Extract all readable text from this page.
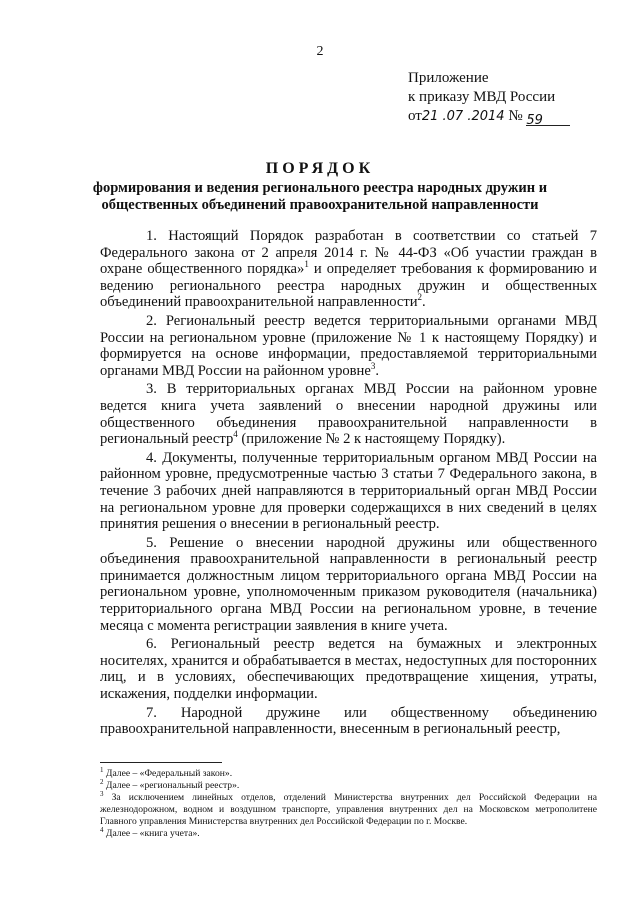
2
Приложение
к приказу МВД России
от21 .07 .2014 № 59
ПОРЯДОК
формирования и ведения регионального реестра народных дружин и общественных объединений правоохранительной направленности

1. Настоящий Порядок разработан в соответствии со статьей 7 Федерального закона от 2 апреля 2014 г. № 44-ФЗ «Об участии граждан в охране общественного порядка»$^1$ и определяет требования к формированию и ведению регионального реестра народных дружин и общественных объединений правоохранительной направленности$^2$.

2. Региональный реестр ведется территориальными органами МВД России на региональном уровне (приложение № 1 к настоящему Порядку) и формируется на основе информации, предоставляемой территориальными органами МВД России на районном уровне$^3$.

3. В территориальных органах МВД России на районном уровне ведется книга учета заявлений о внесении народной дружины или общественного объединения правоохранительной направленности в региональный реестр$^4$ (приложение № 2 к настоящему Порядку).

4. Документы, полученные территориальным органом МВД России на районном уровне, предусмотренные частью 3 статьи 7 Федерального закона, в течение 3 рабочих дней направляются в территориальный орган МВД России на региональном уровне для проверки содержащихся в них сведений в целях принятия решения о внесении в региональный реестр.

5. Решение о внесении народной дружины или общественного объединения правоохранительной направленности в региональный реестр принимается должностным лицом территориального органа МВД России на региональном уровне, уполномоченным приказом руководителя (начальника) территориального органа МВД России на региональном уровне, в течение месяца с момента регистрации заявления в книге учета.

6. Региональный реестр ведется на бумажных и электронных носителях, хранится и обрабатывается в местах, недоступных для посторонних лиц, и в условиях, обеспечивающих предотвращение хищения, утраты, искажения, подделки информации.

7. Народной дружине или общественному объединению правоохранительной направленности, внесенным в региональный реестр,

$^1$ Далее – «Федеральный закон».

$^2$ Далее – «региональный реестр».

$^3$ За исключением линейных отделов, отделений Министерства внутренних дел Российской Федерации на железнодорожном, водном и воздушном транспорте, управления внутренних дел на Московском метрополитене Главного управления Министерства внутренних дел Российской Федерации по г. Москве.

$^4$ Далее – «книга учета».
